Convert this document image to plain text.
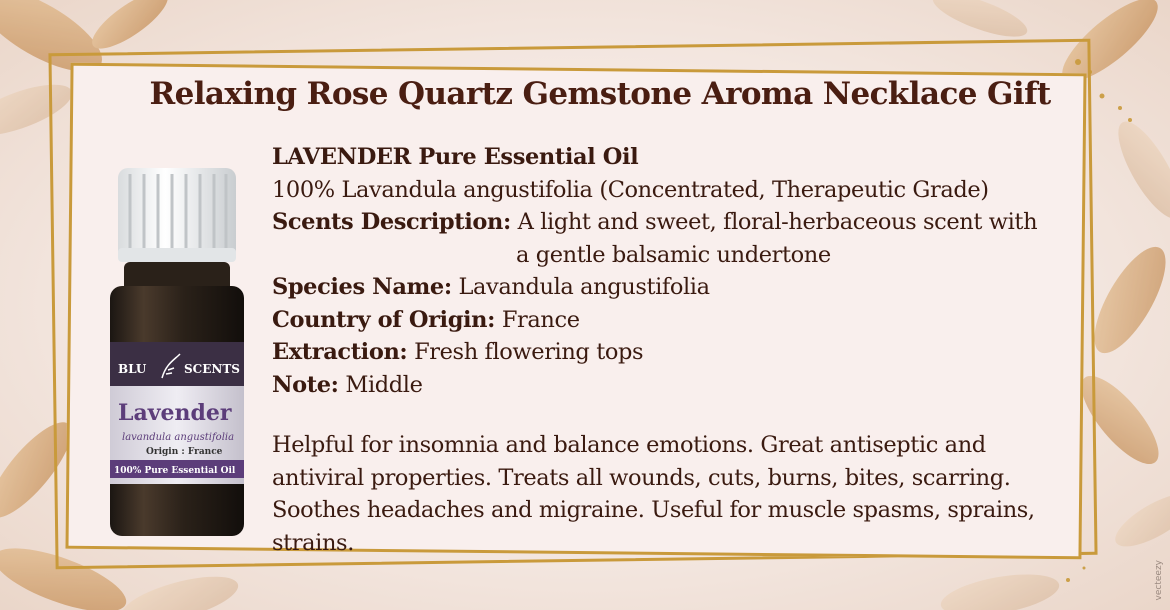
Relaxing Rose Quartz Gemstone Aroma Necklace Gift
BLU	SCENTS
Lavender
lavandula angustifolia
Origin : France
100% Pure Essential Oil
LAVENDER Pure Essential Oil
100% Lavandula angustifolia (Concentrated, Therapeutic Grade)
Scents Description: A light and sweet, floral-herbaceous scent with
a gentle balsamic undertone
Species Name: Lavandula angustifolia
Country of Origin: France
Extraction: Fresh flowering tops
Note: Middle
Helpful for insomnia and balance emotions. Great antiseptic and antiviral properties. Treats all wounds, cuts, burns, bites, scarring. Soothes headaches and migraine. Useful for muscle spasms, sprains, strains.
vecteezy
